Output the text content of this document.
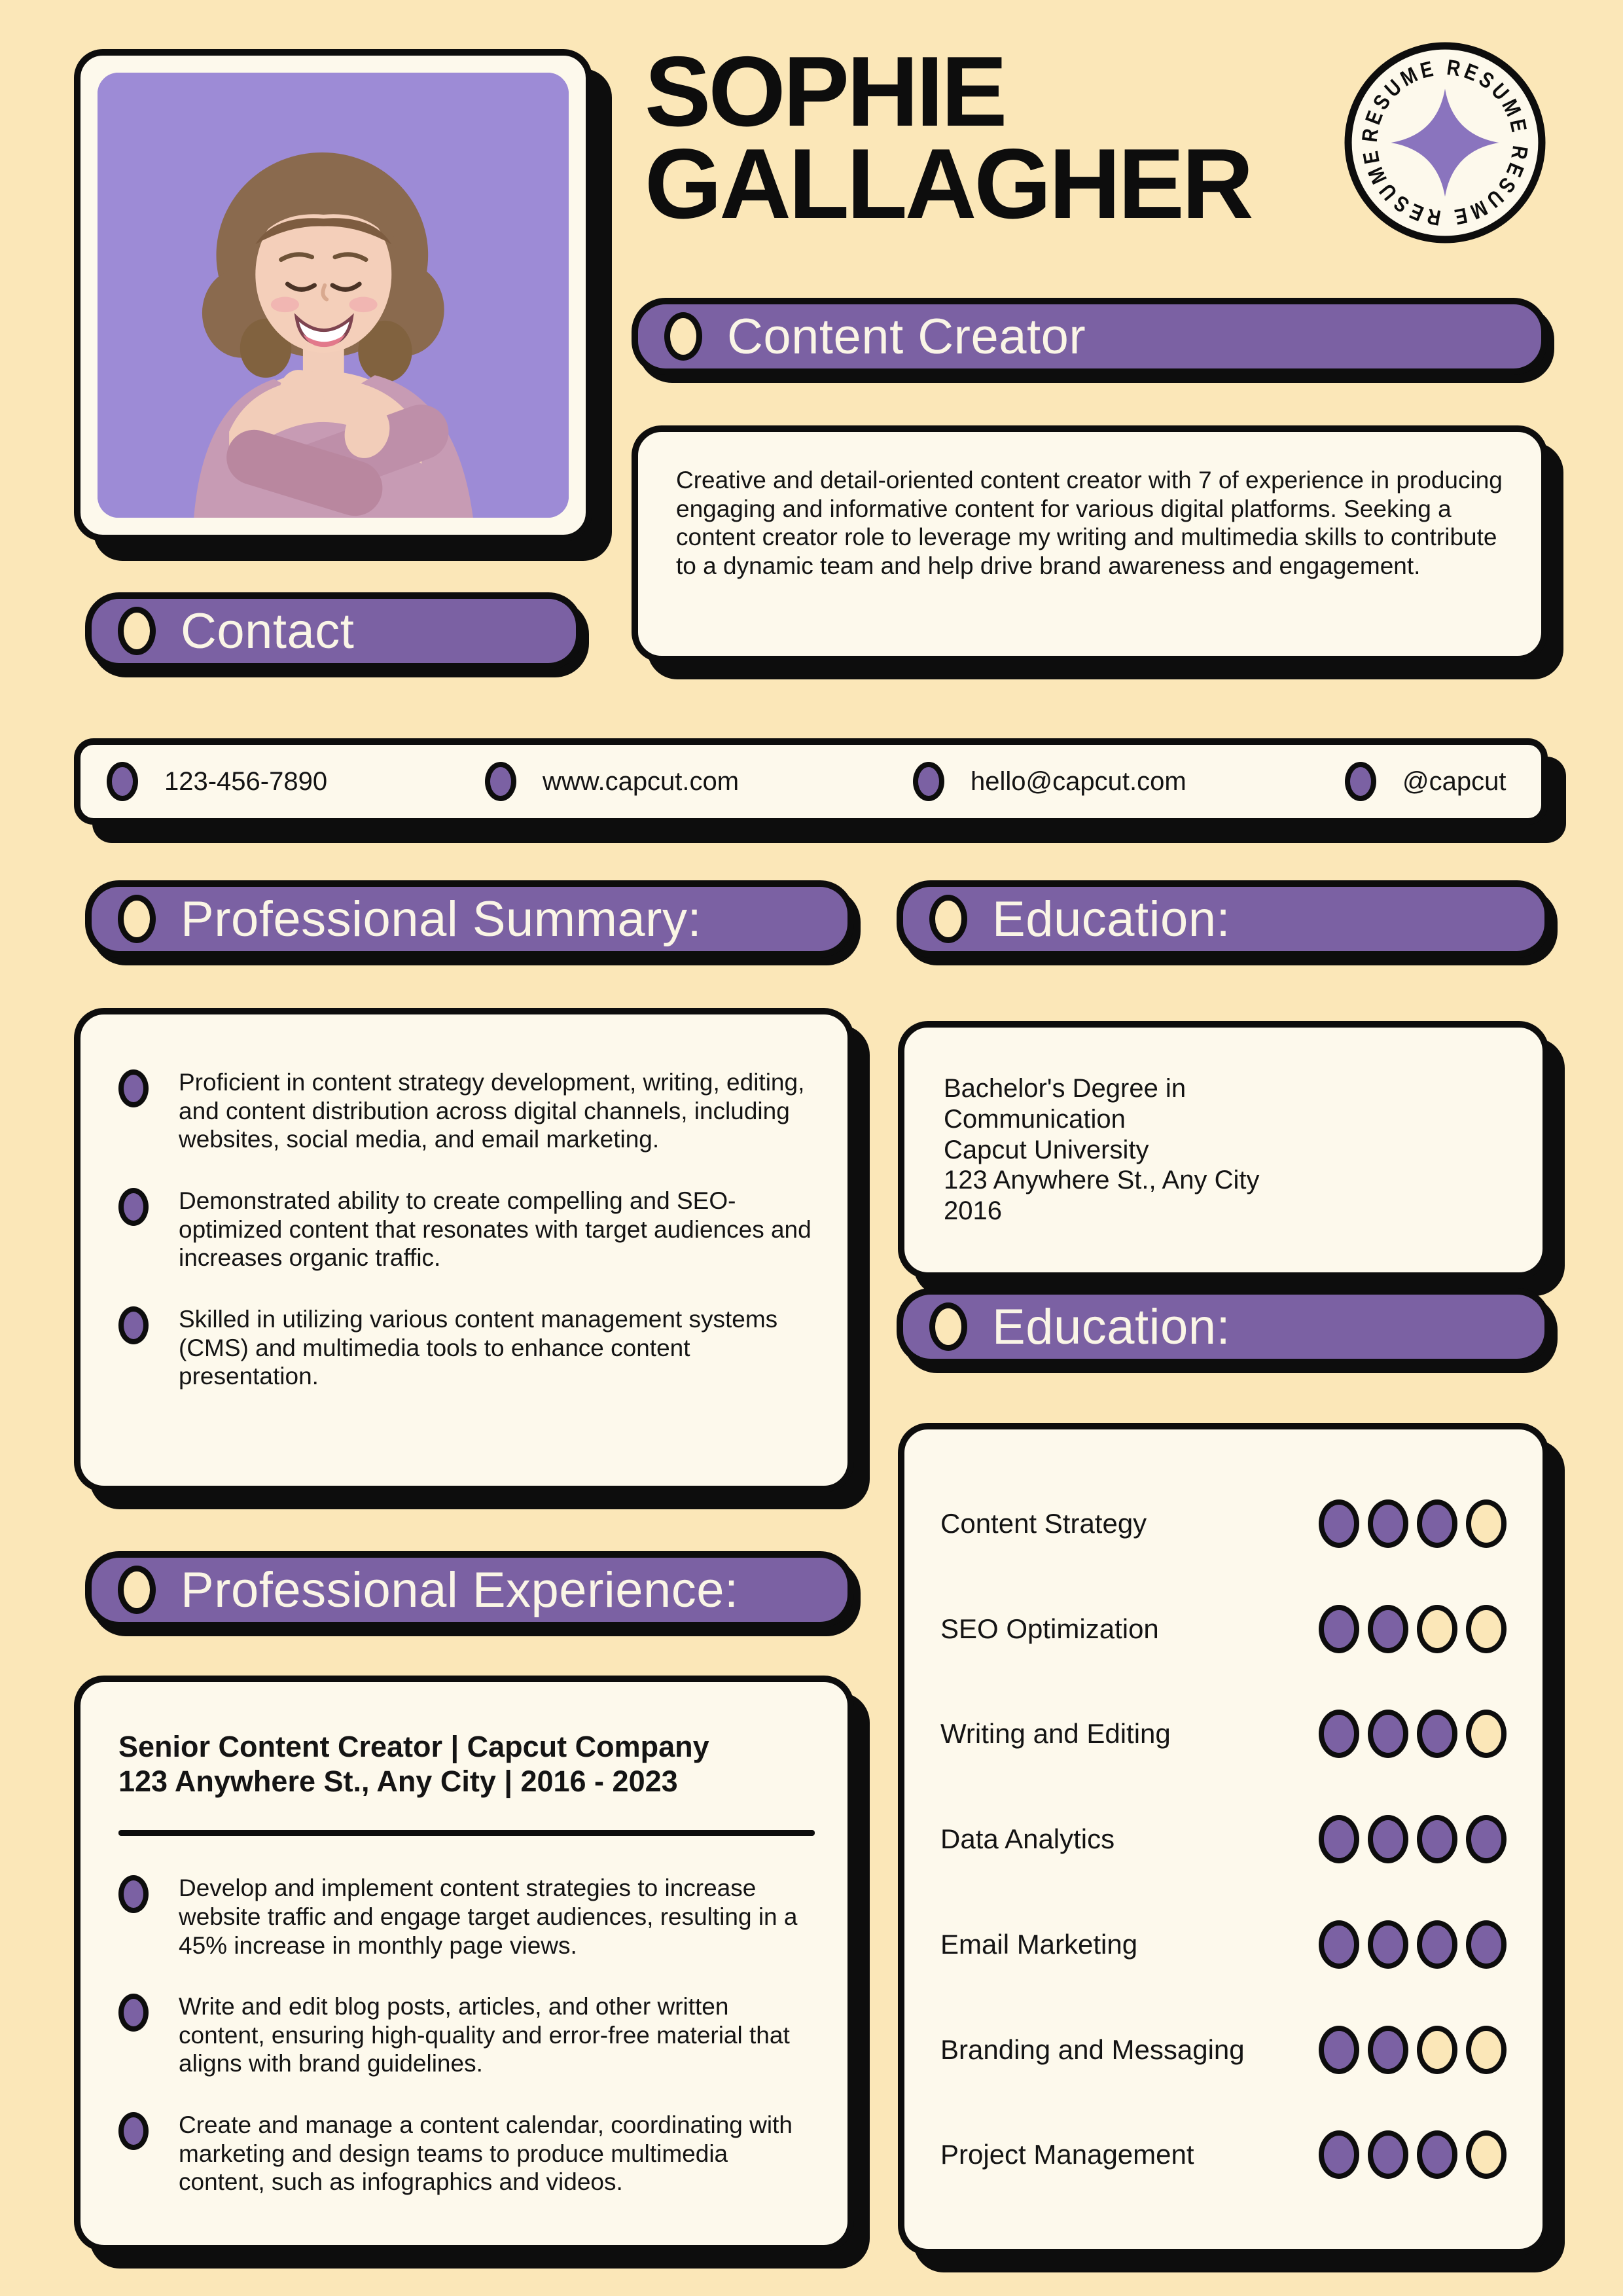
SOPHIE
GALLAGHER	RESUME RESUME RESUME RESUME
Content Creator
Creative and detail-oriented content creator with 7 of experience in producing engaging and informative content for various digital platforms. Seeking a content creator role to leverage my writing and multimedia skills to contribute to a dynamic team and help drive brand awareness and engagement.
Contact
123-456-7890	www.capcut.com	hello@capcut.com	@capcut
Professional Summary:
Proficient in content strategy development, writing, editing, and content distribution across digital channels, including websites, social media, and email marketing.
Demonstrated ability to create compelling and SEO-optimized content that resonates with target audiences and increases organic traffic.
Skilled in utilizing various content management systems (CMS) and multimedia tools to enhance content presentation.
Education:
Bachelor's Degree in Communication
Capcut University
123 Anywhere St., Any City
2016
Education:
Content Strategy
SEO Optimization
Writing and Editing
Data Analytics
Email Marketing
Branding and Messaging
Project Management
Professional Experience:
Senior Content Creator | Capcut Company
123 Anywhere St., Any City | 2016 - 2023
Develop and implement content strategies to increase website traffic and engage target audiences, resulting in a 45% increase in monthly page views.
Write and edit blog posts, articles, and other written content, ensuring high-quality and error-free material that aligns with brand guidelines.
Create and manage a content calendar, coordinating with marketing and design teams to produce multimedia content, such as infographics and videos.
